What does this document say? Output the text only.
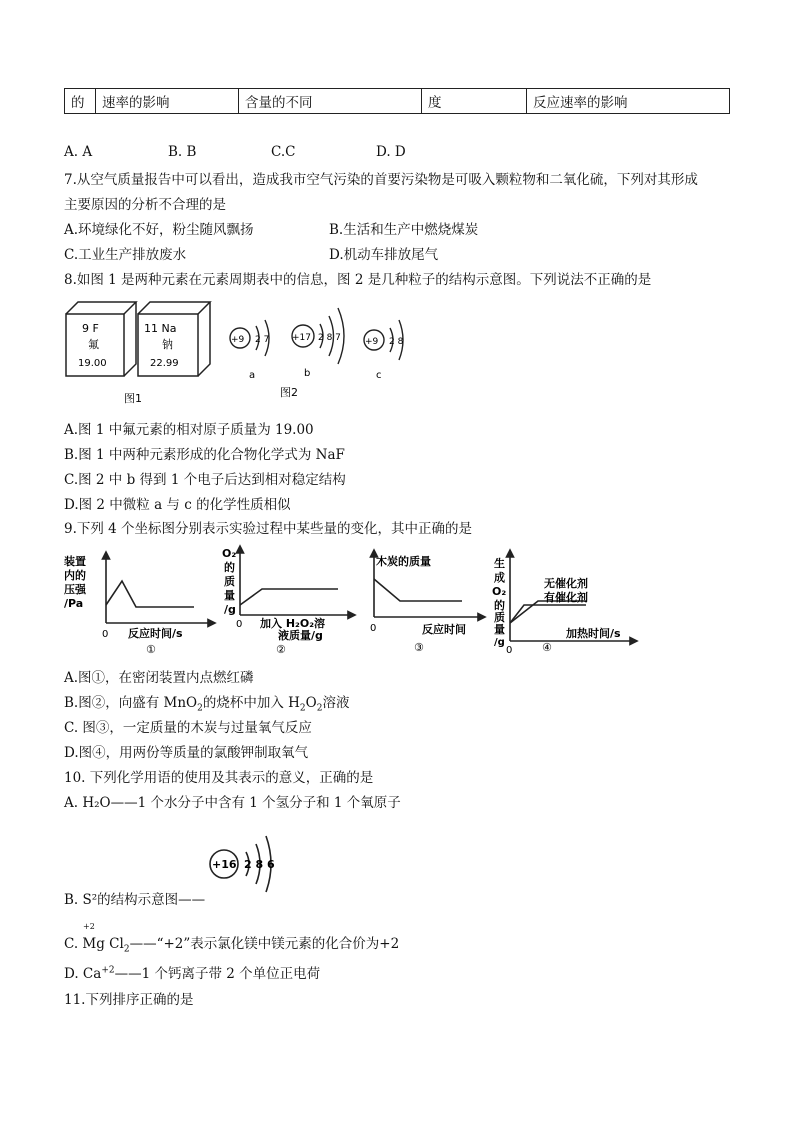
的	速率的影响	含量的不同	度	反应速率的影响
A. A	B. B	C.C	D. D
7.从空气质量报告中可以看出，造成我市空气污染的首要污染物是可吸入颗粒物和二氧化硫，下列对其形成
主要原因的分析不合理的是
A.环境绿化不好，粉尘随风飘扬	B.生活和生产中燃烧煤炭
C.工业生产排放废水	D.机动车排放尾气
8.如图 1 是两种元素在元素周期表中的信息，图 2 是几种粒子的结构示意图。下列说法不正确的是
9 F
氟
19.00
11 Na
钠
22.99
图1
+9 2 7
a
+17 2 8 7
b
图2
+9 2 8
c
A.图 1 中氟元素的相对原子质量为 19.00
B.图 1 中两种元素形成的化合物化学式为 NaF
C.图 2 中 b 得到 1 个电子后达到相对稳定结构
D.图 2 中微粒 a 与 c 的化学性质相似
9.下列 4 个坐标图分别表示实验过程中某些量的变化，其中正确的是
装置
内的
压强
/Pa
0 反应时间/s
①
O₂
的
质
量
/g
0 加入 H₂O₂溶
液质量/g
②
木炭的质量
0	反应时间
③
生
成
O₂
的
质
量
/g
无催化剂
有催化剂
0
加热时间/s
④
A.图①，在密闭装置内点燃红磷
B.图②，向盛有 MnO$_2$的烧杯中加入 $H_2O_2$溶液
C. 图③，一定质量的木炭与过量氧气反应
D.图④，用两份等质量的氯酸钾制取氧气
10. 下列化学用语的使用及其表示的意义，正确的是
A. H₂O——1 个水分子中含有 1 个氢分子和 1 个氧原子
+16 2 8 6
B. S²的结构示意图——
+2
C. Mg $Cl_2——“+2$”表示氯化镁中镁元素的化合价为+2
D. $Ca^{+2}——1$ 个钙离子带 2 个单位正电荷
11.下列排序正确的是
